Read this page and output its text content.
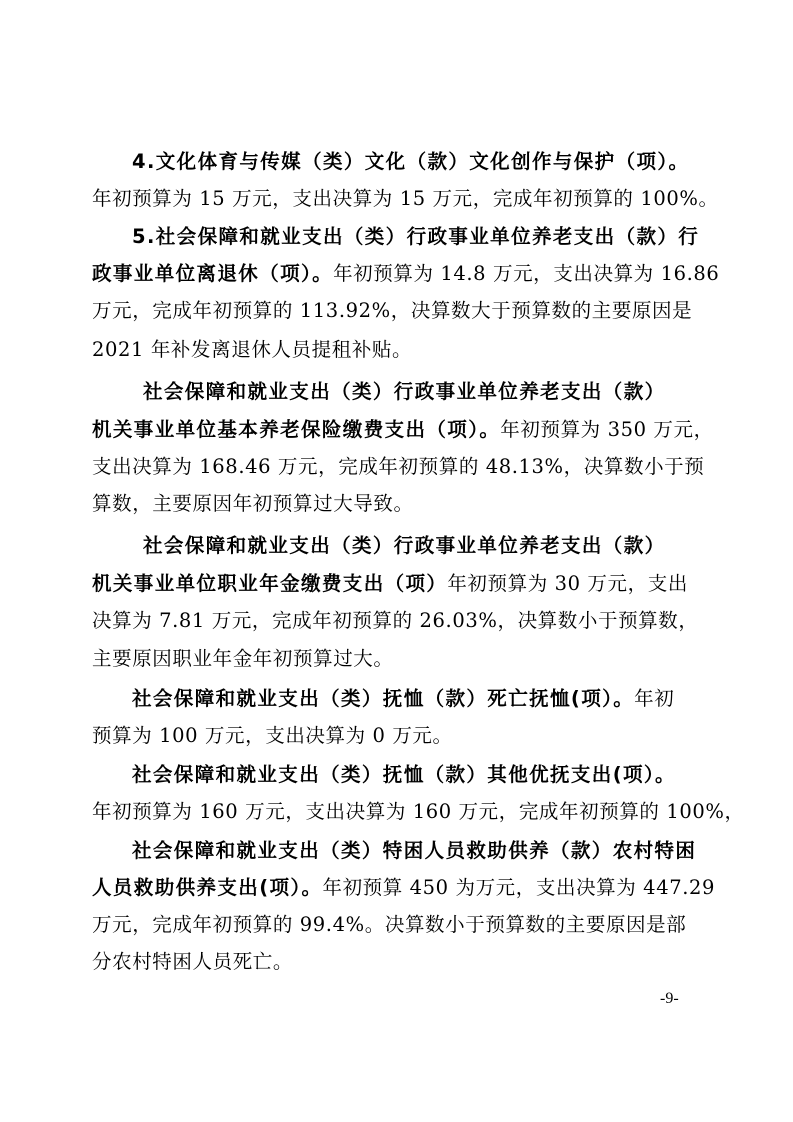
4.文化体育与传媒（类）文化（款）文化创作与保护（项）。
年初预算为 15 万元，支出决算为 15 万元，完成年初预算的 100%。
5.社会保障和就业支出（类）行政事业单位养老支出（款）行
政事业单位离退休（项）。年初预算为 14.8 万元，支出决算为 16.86
万元，完成年初预算的 113.92%，决算数大于预算数的主要原因是
2021 年补发离退休人员提租补贴。
社会保障和就业支出（类）行政事业单位养老支出（款）
机关事业单位基本养老保险缴费支出（项）。年初预算为 350 万元，
支出决算为 168.46 万元，完成年初预算的 48.13%，决算数小于预
算数，主要原因年初预算过大导致。
社会保障和就业支出（类）行政事业单位养老支出（款）
机关事业单位职业年金缴费支出（项）年初预算为 30 万元，支出
决算为 7.81 万元，完成年初预算的 26.03%，决算数小于预算数，
主要原因职业年金年初预算过大。
社会保障和就业支出（类）抚恤（款）死亡抚恤(项）。年初
预算为 100 万元，支出决算为 0 万元。
社会保障和就业支出（类）抚恤（款）其他优抚支出(项）。
年初预算为 160 万元，支出决算为 160 万元，完成年初预算的 100%，
社会保障和就业支出（类）特困人员救助供养（款）农村特困
人员救助供养支出(项）。年初预算 450 为万元，支出决算为 447.29
万元，完成年初预算的 99.4%。决算数小于预算数的主要原因是部
分农村特困人员死亡。
-9-
